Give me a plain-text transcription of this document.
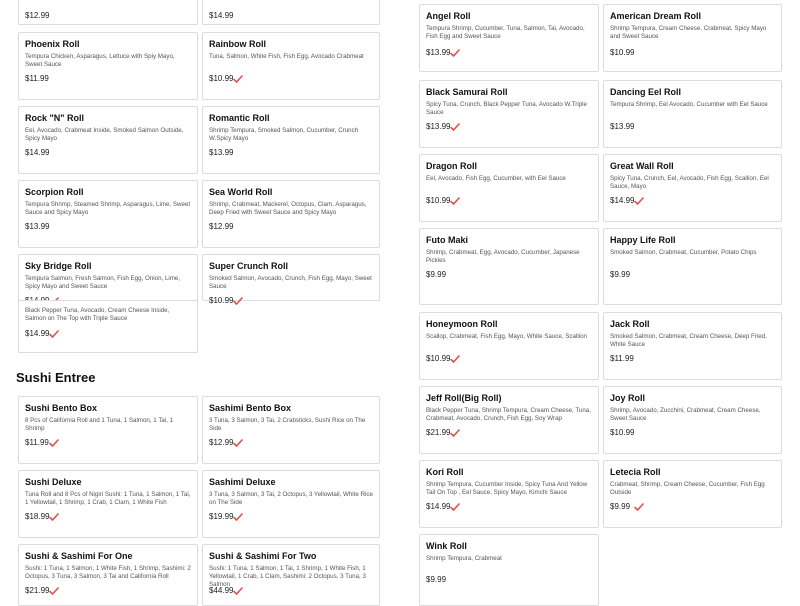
Sushi Entree
$12.99	$14.99
Phoenix Roll
Tempura Chicken, Asparagus, Lettuce with Spiy Mayo, Sweet Sauce
$11.99
Rainbow Roll
Tuna, Salmon, White Fish, Fish Egg, Avocado Crabmeat
$10.99
Rock "N" Roll
Eel, Avocado, Crabmeat Inside, Smoked Salmon Outside, Spicy Mayo
$14.99
Romantic Roll
Shrimp Tempura, Smoked Salmon, Cucumber, Crunch W.Spicy Mayo
$13.99
Scorpion Roll
Tempura Shrimp, Steamed Shrimp, Asparagus, Lime, Sweet Sauce and Spicy Mayo
$13.99
Sea World Roll
Shrimp, Crabmeat, Mackerel, Octopus, Clam, Asparagus, Deep Fried with Sweet Sauce and Spicy Mayo
$12.99
Sky Bridge Roll
Tempura Salmon, Fresh Salmon, Fish Egg, Onion, Lime, Spicy Mayo and Sweet Sauce
Super Crunch Roll
Smoked Salmon, Avocado, Crunch, Fish Egg, Mayo, Sweet Sauce
$10.99
Black Pepper Tuna, Avocado, Cream Cheese Inside, Salmon on The Top with Triple Sauce
$14.99
Sushi Bento Box
8 Pcs of California Roll and 1 Tuna, 1 Salmon, 1 Tai, 1 Shrimp
$11.99
Sashimi Bento Box
3 Tuna, 3 Salmon, 3 Tai, 2 Crabsticks, Sushi Rice on The Side
$12.99
Sushi Deluxe
Tuna Roll and 8 Pcs of Nigiri Sushi: 1 Tuna, 1 Salmon, 1 Tai, 1 Yellowtail, 1 Shrimp, 1 Crab, 1 Clam, 1 White Fish
$18.99
Sashimi Deluxe
3 Tuna, 3 Salmon, 3 Tai, 2 Octopus, 3 Yellowtail, White Rice on The Side
$19.99
Sushi & Sashimi For One
Sushi: 1 Tuna, 1 Salmon, 1 White Fish, 1 Shrimp, Sashimi: 2 Octopus, 3 Tuna, 3 Salmon, 3 Tai and California Roll
$21.99
Sushi & Sashimi For Two
Sushi: 1 Tuna, 1 Salmon, 1 Tai, 1 Shrimp, 1 White Fish, 1 Yellowtail, 1 Crab, 1 Clam, Sashimi: 2 Octopus, 3 Tuna, 3 Salmon
$44.99
Angel Roll
Tempura Shrimp, Cucumber, Tuna, Salmon, Tai, Avocado, Fish Egg and Sweet Sauce
$13.99
American Dream Roll
Shrimp Tempura, Cream Cheese, Crabmeat, Spicy Mayo and Sweet Sauce
$10.99
Black Samurai Roll
Spicy Tuna, Crunch, Black Pepper Tuna, Avocado W.Triple Sauce
$13.99
Dancing Eel Roll
Tempura Shrimp, Eel Avocado, Cucumber with Eel Sauce
$13.99
Dragon Roll
Eel, Avocado, Fish Egg, Cucumber, with Eel Sauce
$10.99
Great Wall Roll
Spicy Tuna, Crunch, Eel, Avocado, Fish Egg, Scallion, Eel Sauce, Mayo
$14.99
Futo Maki
Shrimp, Crabmeat, Egg, Avocado, Cucumber, Japanese Pickles
$9.99
Happy Life Roll
Smoked Salmon, Crabmeat, Cucumber, Potato Chips
$9.99
Honeymoon Roll
Scallop, Crabmeat, Fish Egg, Mayo, White Sauce, Scallion
$10.99
Jack Roll
Smoked Salmon, Crabmeat, Cream Cheese, Deep Fried, White Sauce
$11.99
Jeff Roll(Big Roll)
Black Pepper Tuna, Shrimp Tempura, Cream Cheese, Tuna, Crabmeat, Avocado, Crunch, Fish Egg, Soy Wrap
$21.99
Joy Roll
Shrimp, Avocado, Zucchini, Crabmeat, Cream Cheese, Sweet Sauce
$10.99
Kori Roll
Shrimp Tempura, Cucumber Inside, Spicy Tuna And Yellow Tail On Top , Eel Sauce, Spicy Mayo, Kimchi Sauce
$14.99
Letecia Roll
Crabmeat, Shrimp, Cream Cheese, Cucumber, Fish Egg Outside
$9.99
Wink Roll
Shrimp Tempura, Crabmeat
$9.99
